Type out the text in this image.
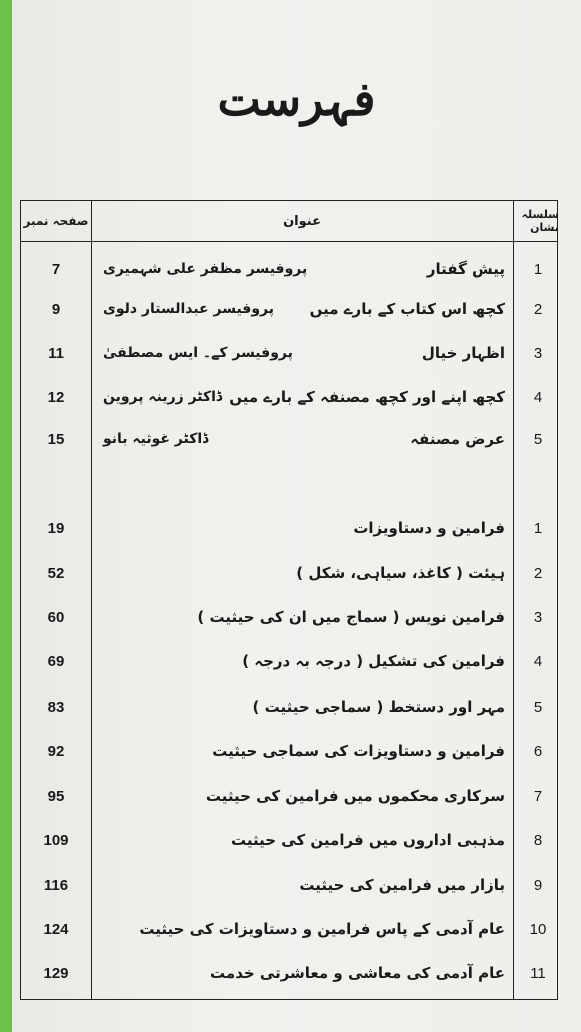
فہرست
سلسلہ نشان
عنوان
صفحہ نمبر
1
پیش گفتار
پروفیسر مظفر علی شہمیری
7
2
کچھ اس کتاب کے بارے میں
پروفیسر عبدالستار دلوی
9
3
اظہار خیال
پروفیسر کے۔ ایس مصطفیٰ
11
4
کچھ اپنے اور کچھ مصنفہ کے بارے میں
ڈاکٹر زرینہ پروین
12
5
عرض مصنفہ
ڈاکٹر غوثیہ بانو
15
1
فرامین و دستاویزات
19
2
ہیئت ( کاغذ، سیاہی، شکل )
52
3
فرامین نویس ( سماج میں ان کی حیثیت )
60
4
فرامین کی تشکیل ( درجہ بہ درجہ )
69
5
مہر اور دستخط ( سماجی حیثیت )
83
6
فرامین و دستاویزات کی سماجی حیثیت
92
7
سرکاری محکموں میں فرامین کی حیثیت
95
8
مذہبی اداروں میں فرامین کی حیثیت
109
9
بازار میں فرامین کی حیثیت
116
10
عام آدمی کے پاس فرامین و دستاویزات کی حیثیت
124
11
عام آدمی کی معاشی و معاشرتی خدمت
129
